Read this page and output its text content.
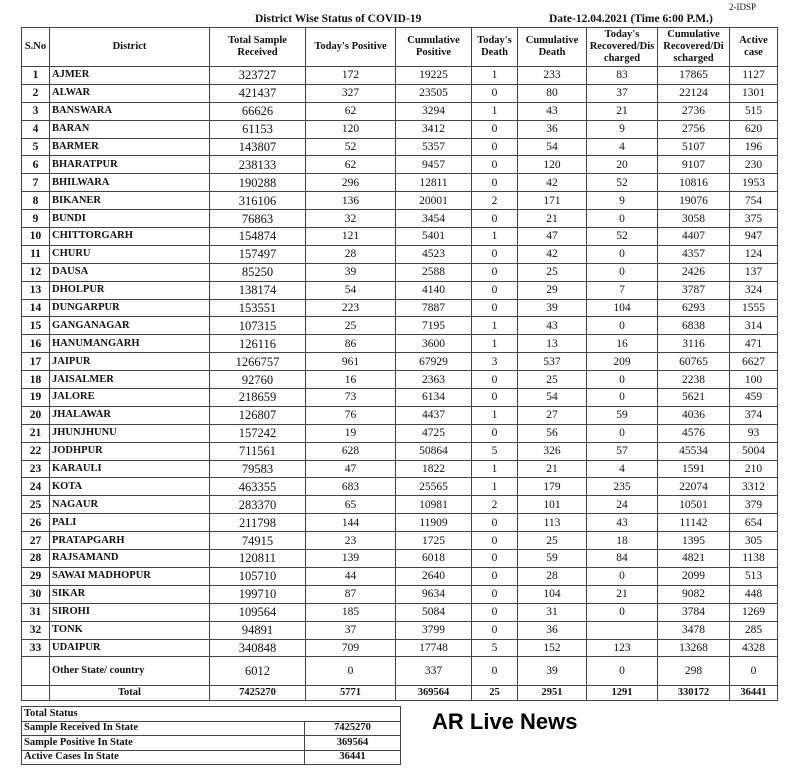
2-IDSP
District Wise Status of COVID-19	Date-12.04.2021 (Time 6:00 P.M.)
S.No	District	Total Sample Received	Today's Positive	Cumulative Positive	Today's Death	Cumulative Death	Today's Recovered/Dis charged	Cumulative Recovered/Di scharged	Active case
1	AJMER	323727	172	19225	1	233	83	17865	1127
2	ALWAR	421437	327	23505	0	80	37	22124	1301
3	BANSWARA	66626	62	3294	1	43	21	2736	515
4	BARAN	61153	120	3412	0	36	9	2756	620
5	BARMER	143807	52	5357	0	54	4	5107	196
6	BHARATPUR	238133	62	9457	0	120	20	9107	230
7	BHILWARA	190288	296	12811	0	42	52	10816	1953
8	BIKANER	316106	136	20001	2	171	9	19076	754
9	BUNDI	76863	32	3454	0	21	0	3058	375
10	CHITTORGARH	154874	121	5401	1	47	52	4407	947
11	CHURU	157497	28	4523	0	42	0	4357	124
12	DAUSA	85250	39	2588	0	25	0	2426	137
13	DHOLPUR	138174	54	4140	0	29	7	3787	324
14	DUNGARPUR	153551	223	7887	0	39	104	6293	1555
15	GANGANAGAR	107315	25	7195	1	43	0	6838	314
16	HANUMANGARH	126116	86	3600	1	13	16	3116	471
17	JAIPUR	1266757	961	67929	3	537	209	60765	6627
18	JAISALMER	92760	16	2363	0	25	0	2238	100
19	JALORE	218659	73	6134	0	54	0	5621	459
20	JHALAWAR	126807	76	4437	1	27	59	4036	374
21	JHUNJHUNU	157242	19	4725	0	56	0	4576	93
22	JODHPUR	711561	628	50864	5	326	57	45534	5004
23	KARAULI	79583	47	1822	1	21	4	1591	210
24	KOTA	463355	683	25565	1	179	235	22074	3312
25	NAGAUR	283370	65	10981	2	101	24	10501	379
26	PALI	211798	144	11909	0	113	43	11142	654
27	PRATAPGARH	74915	23	1725	0	25	18	1395	305
28	RAJSAMAND	120811	139	6018	0	59	84	4821	1138
29	SAWAI MADHOPUR	105710	44	2640	0	28	0	2099	513
30	SIKAR	199710	87	9634	0	104	21	9082	448
31	SIROHI	109564	185	5084	0	31	0	3784	1269
32	TONK	94891	37	3799	0	36		3478	285
33	UDAIPUR	340848	709	17748	5	152	123	13268	4328
	Other State/ country	6012	0	337	0	39	0	298	0
	Total	7425270	5771	369564	25	2951	1291	330172	36441
Total Status	
Sample Received In State	7425270
Sample Positive In State	369564
Active Cases In State	36441
AR Live News
